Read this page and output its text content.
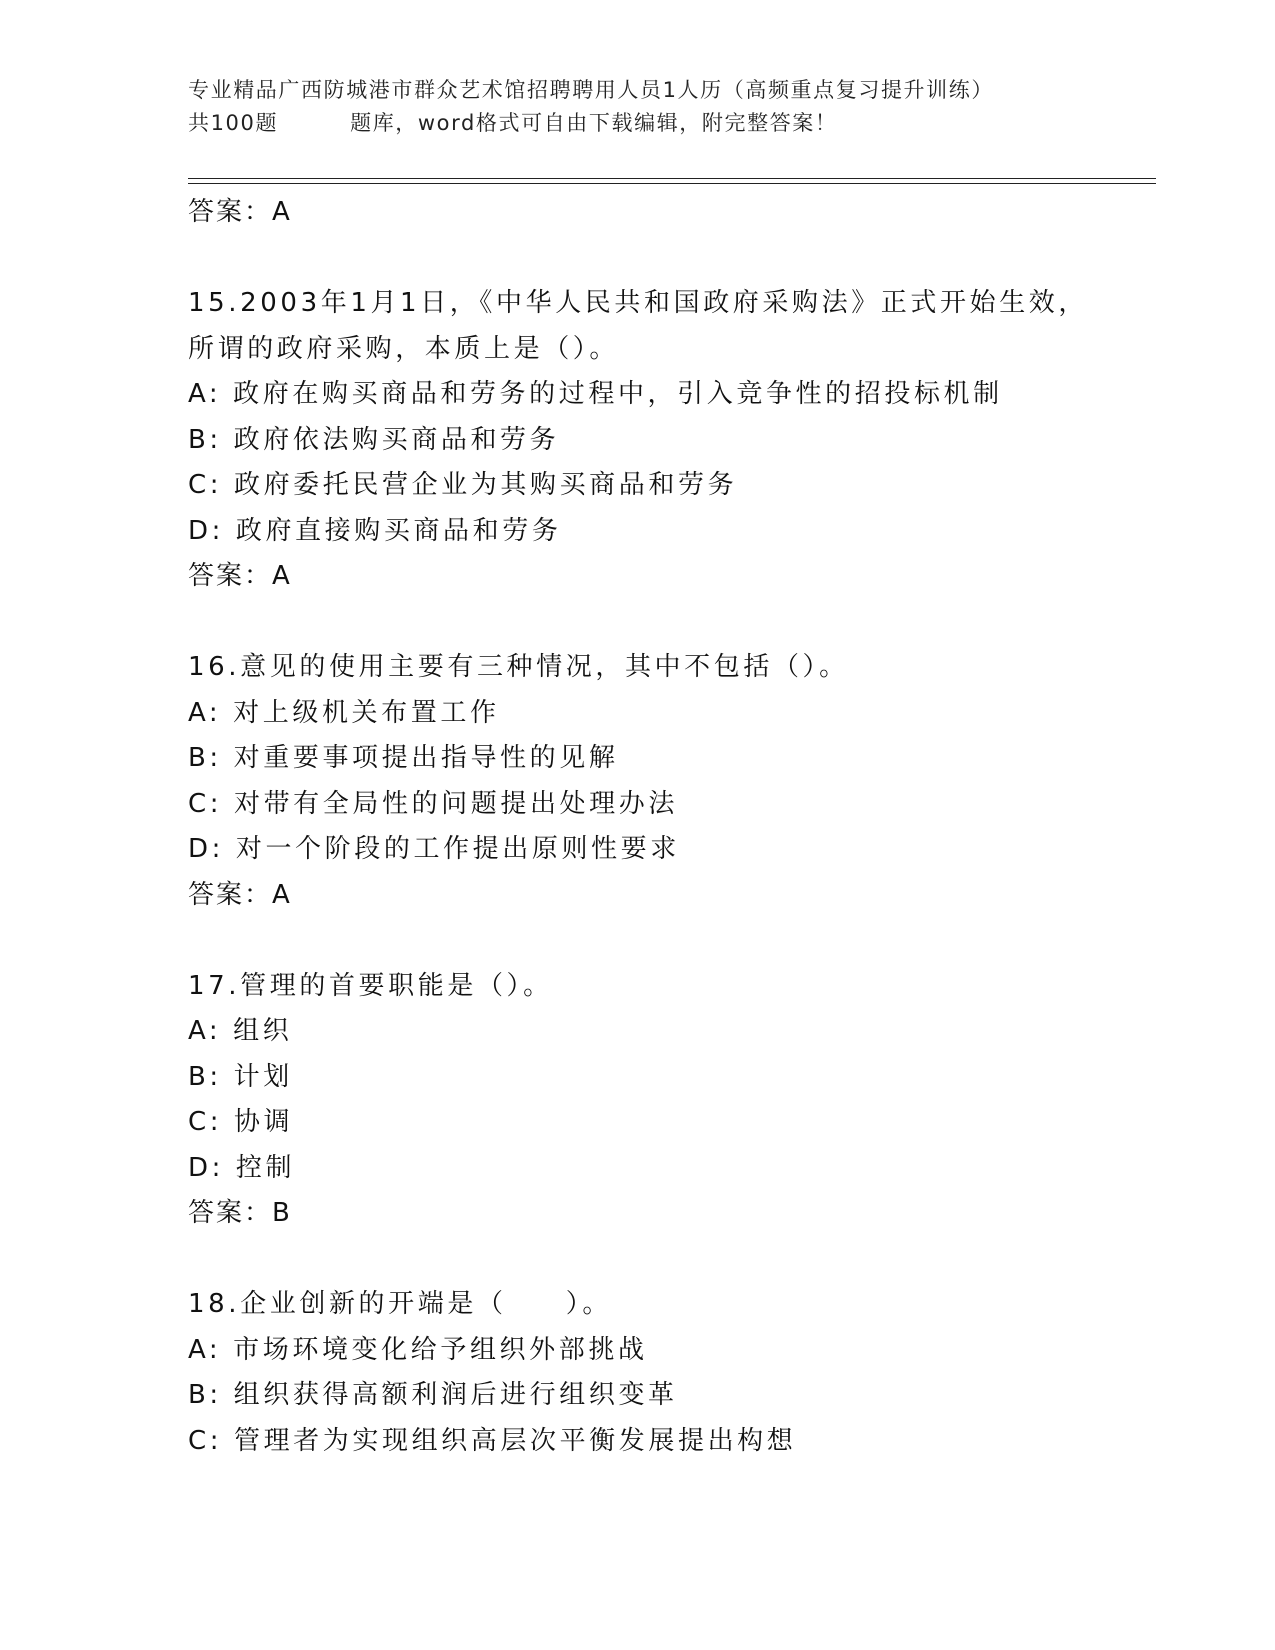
专业精品广西防城港市群众艺术馆招聘聘用人员1人历（高频重点复习提升训练）
共100题	题库，word格式可自由下载编辑，附完整答案！
答案：A
15.2003年1月1日，《中华人民共和国政府采购法》正式开始生效，
所谓的政府采购，本质上是（）。
A: 政府在购买商品和劳务的过程中，引入竞争性的招投标机制
B: 政府依法购买商品和劳务
C: 政府委托民营企业为其购买商品和劳务
D: 政府直接购买商品和劳务
答案：A
16.意见的使用主要有三种情况，其中不包括（）。
A: 对上级机关布置工作
B: 对重要事项提出指导性的见解
C: 对带有全局性的问题提出处理办法
D: 对一个阶段的工作提出原则性要求
答案：A
17.管理的首要职能是（）。
A: 组织
B: 计划
C: 协调
D: 控制
答案：B
18.企业创新的开端是（　　）。
A: 市场环境变化给予组织外部挑战
B: 组织获得高额利润后进行组织变革
C: 管理者为实现组织高层次平衡发展提出构想
